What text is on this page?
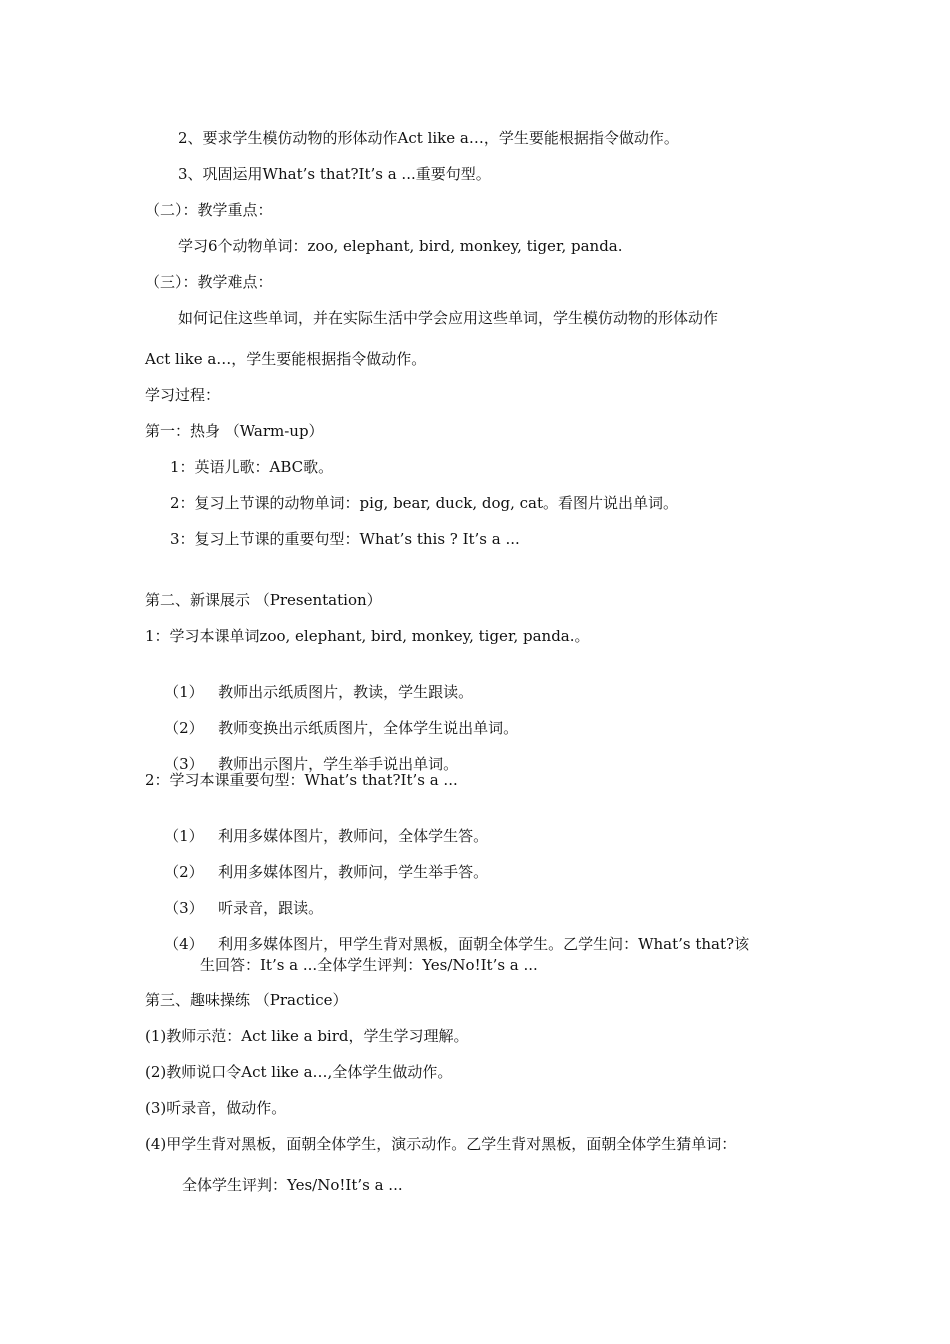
2、要求学生模仿动物的形体动作Act like a…，学生要能根据指令做动作。
3、巩固运用What’s that?It’s a ...重要句型。
（二）：教学重点：
学习6个动物单词：zoo, elephant, bird, monkey, tiger, panda.
（三）：教学难点：
如何记住这些单词，并在实际生活中学会应用这些单词，学生模仿动物的形体动作
Act like a…，学生要能根据指令做动作。
学习过程：
第一：热身 （Warm-up）
1：英语儿歌：ABC歌。
2：复习上节课的动物单词：pig, bear, duck, dog, cat。看图片说出单词。
3：复习上节课的重要句型：What’s this ? It’s a ...
第二、新课展示 （Presentation）
1：学习本课单词zoo, elephant, bird, monkey, tiger, panda.。

（1） 教师出示纸质图片，教读，学生跟读。

（2） 教师变换出示纸质图片，全体学生说出单词。

（3） 教师出示图片，学生举手说出单词。

2：学习本课重要句型：What’s that?It’s a ...

（1） 利用多媒体图片，教师问，全体学生答。

（2） 利用多媒体图片，教师问，学生举手答。

（3） 听录音，跟读。

（4） 利用多媒体图片，甲学生背对黑板，面朝全体学生。乙学生问：What’s that?该

生回答：It’s a ...全体学生评判：Yes/No!It’s a ...
第三、趣味操练 （Practice）
(1)教师示范：Act like a bird，学生学习理解。
(2)教师说口令Act like a…,全体学生做动作。
(3)听录音，做动作。
(4)甲学生背对黑板，面朝全体学生，演示动作。乙学生背对黑板，面朝全体学生猜单词：
全体学生评判：Yes/No!It’s a ...
